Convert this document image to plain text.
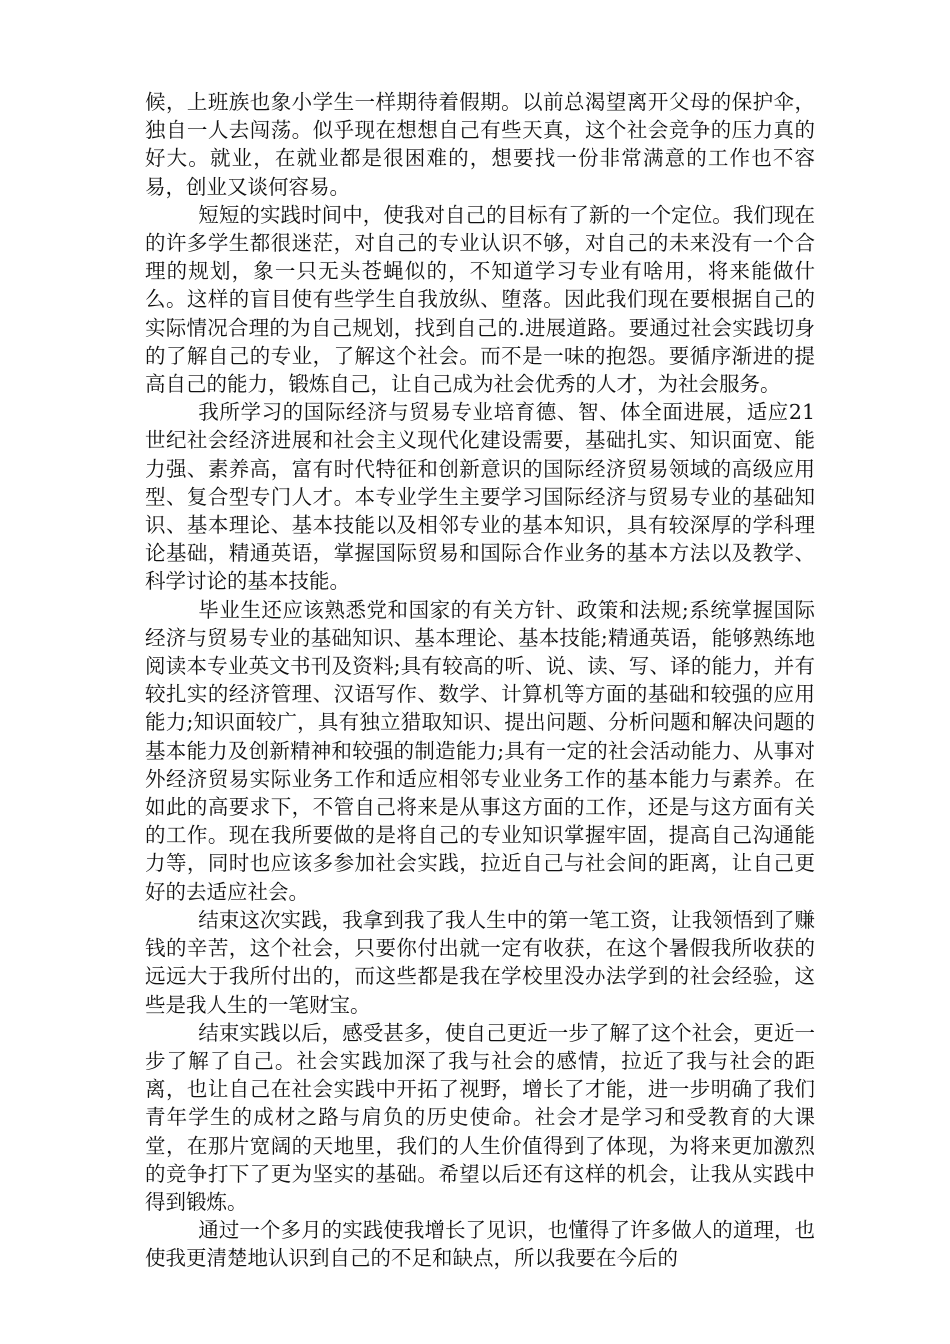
候，上班族也象小学生一样期待着假期。以前总渴望离开父母的保护伞，独自一人去闯荡。似乎现在想想自己有些天真，这个社会竞争的压力真的好大。就业，在就业都是很困难的，想要找一份非常满意的工作也不容易，创业又谈何容易。

短短的实践时间中，使我对自己的目标有了新的一个定位。我们现在的许多学生都很迷茫，对自己的专业认识不够，对自己的未来没有一个合理的规划，象一只无头苍蝇似的，不知道学习专业有啥用，将来能做什么。这样的盲目使有些学生自我放纵、堕落。因此我们现在要根据自己的实际情况合理的为自己规划，找到自己的.进展道路。要通过社会实践切身的了解自己的专业，了解这个社会。而不是一味的抱怨。要循序渐进的提高自己的能力，锻炼自己，让自己成为社会优秀的人才，为社会服务。

我所学习的国际经济与贸易专业培育德、智、体全面进展，适应21世纪社会经济进展和社会主义现代化建设需要，基础扎实、知识面宽、能力强、素养高，富有时代特征和创新意识的国际经济贸易领域的高级应用型、复合型专门人才。本专业学生主要学习国际经济与贸易专业的基础知识、基本理论、基本技能以及相邻专业的基本知识，具有较深厚的学科理论基础，精通英语，掌握国际贸易和国际合作业务的基本方法以及教学、科学讨论的基本技能。

毕业生还应该熟悉党和国家的有关方针、政策和法规;系统掌握国际经济与贸易专业的基础知识、基本理论、基本技能;精通英语，能够熟练地阅读本专业英文书刊及资料;具有较高的听、说、读、写、译的能力，并有较扎实的经济管理、汉语写作、数学、计算机等方面的基础和较强的应用能力;知识面较广，具有独立猎取知识、提出问题、分析问题和解决问题的基本能力及创新精神和较强的制造能力;具有一定的社会活动能力、从事对外经济贸易实际业务工作和适应相邻专业业务工作的基本能力与素养。在如此的高要求下，不管自己将来是从事这方面的工作，还是与这方面有关的工作。现在我所要做的是将自己的专业知识掌握牢固，提高自己沟通能力等，同时也应该多参加社会实践，拉近自己与社会间的距离，让自己更好的去适应社会。

结束这次实践，我拿到我了我人生中的第一笔工资，让我领悟到了赚钱的辛苦，这个社会，只要你付出就一定有收获，在这个暑假我所收获的远远大于我所付出的，而这些都是我在学校里没办法学到的社会经验，这些是我人生的一笔财宝。

结束实践以后，感受甚多，使自己更近一步了解了这个社会，更近一步了解了自己。社会实践加深了我与社会的感情，拉近了我与社会的距离，也让自己在社会实践中开拓了视野，增长了才能，进一步明确了我们青年学生的成材之路与肩负的历史使命。社会才是学习和受教育的大课堂，在那片宽阔的天地里，我们的人生价值得到了体现，为将来更加激烈的竞争打下了更为坚实的基础。希望以后还有这样的机会，让我从实践中得到锻炼。

通过一个多月的实践使我增长了见识，也懂得了许多做人的道理，也使我更清楚地认识到自己的不足和缺点，所以我要在今后的
